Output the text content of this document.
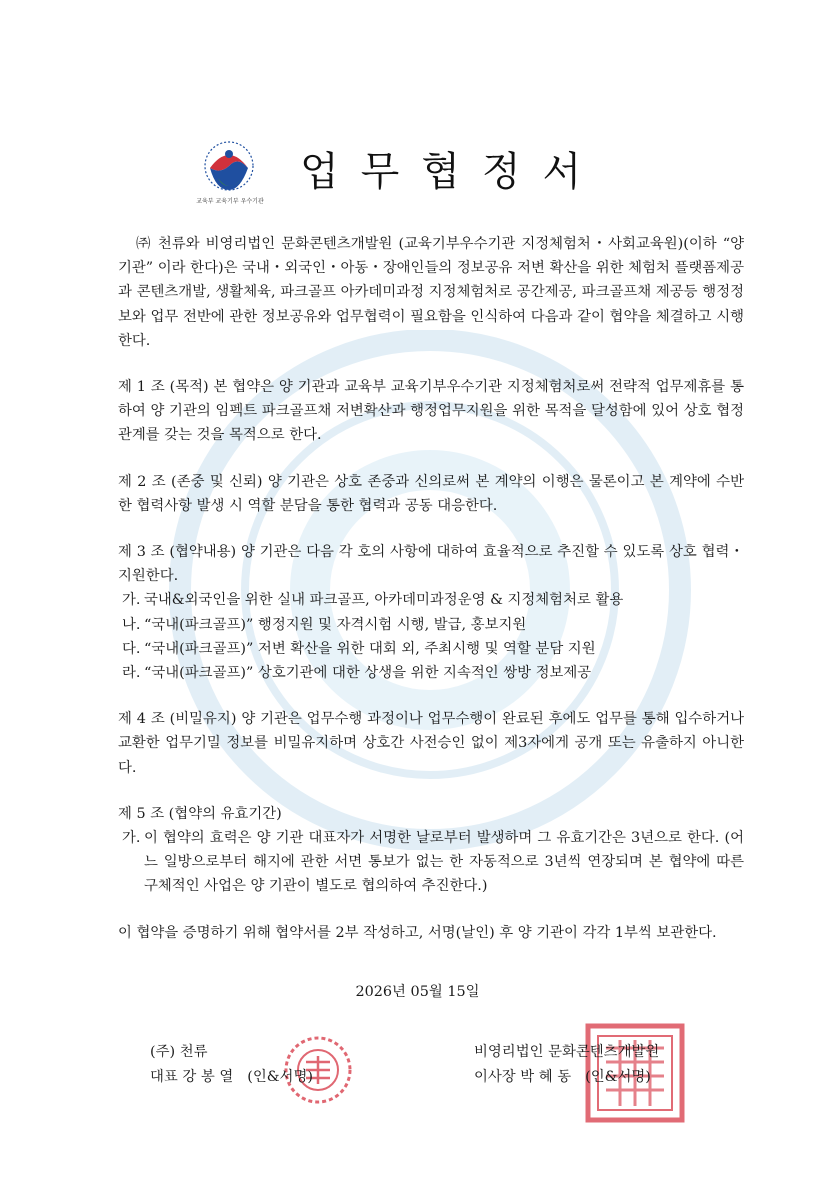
교육부 교육기부 우수기관
업무협정서

㈜ 천류와 비영리법인 문화콘텐츠개발원 (교육기부우수기관 지정체험처・사회교육원)(이하 “양 기관” 이라 한다)은 국내・외국인・아동・장애인들의 정보공유 저변 확산을 위한 체험처 플랫폼제공과 콘텐츠개발, 생활체육, 파크골프 아카데미과정 지정체험처로 공간제공, 파크골프채 제공등 행정정보와 업무 전반에 관한 정보공유와 업무협력이 필요함을 인식하여 다음과 같이 협약을 체결하고 시행한다.

제 1 조 (목적) 본 협약은 양 기관과 교육부 교육기부우수기관 지정체험처로써 전략적 업무제휴를 통하여 양 기관의 임펙트 파크골프채 저변확산과 행정업무지원을 위한 목적을 달성함에 있어 상호 협정관계를 갖는 것을 목적으로 한다.

제 2 조 (존중 및 신뢰) 양 기관은 상호 존중과 신의로써 본 계약의 이행은 물론이고 본 계약에 수반한 협력사항 발생 시 역할 분담을 통한 협력과 공동 대응한다.

제 3 조 (협약내용) 양 기관은 다음 각 호의 사항에 대하여 효율적으로 추진할 수 있도록 상호 협력・지원한다.

가. 국내&외국인을 위한 실내 파크골프, 아카데미과정운영 & 지정체험처로 활용
나. “국내(파크골프)” 행정지원 및 자격시험 시행, 발급, 홍보지원
다. “국내(파크골프)” 저변 확산을 위한 대회 외, 주최시행 및 역할 분담 지원
라. “국내(파크골프)” 상호기관에 대한 상생을 위한 지속적인 쌍방 정보제공

제 4 조 (비밀유지) 양 기관은 업무수행 과정이나 업무수행이 완료된 후에도 업무를 통해 입수하거나 교환한 업무기밀 정보를 비밀유지하며 상호간 사전승인 없이 제3자에게 공개 또는 유출하지 아니한다.

제 5 조 (협약의 유효기간)

가. 이 협약의 효력은 양 기관 대표자가 서명한 날로부터 발생하며 그 유효기간은 3년으로 한다. (어느 일방으로부터 해지에 관한 서면 통보가 없는 한 자동적으로 3년씩 연장되며 본 협약에 따른 구체적인 사업은 양 기관이 별도로 협의하여 추진한다.)

이 협약을 증명하기 위해 협약서를 2부 작성하고, 서명(날인) 후 양 기관이 각각 1부씩 보관한다.

2026년 05월 15일
(주) 천류
대표 강 봉 열 (인&서명)
비영리법인 문화콘텐츠개발원
이사장 박 혜 동 (인&서명)
